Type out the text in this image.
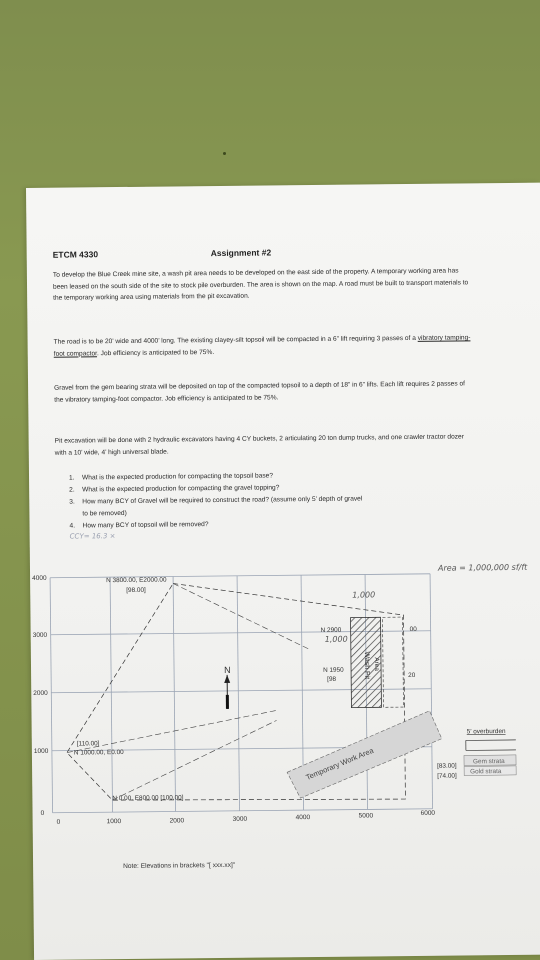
ETCM 4330	Assignment #2
To develop the Blue Creek mine site, a wash pit area needs to be developed on the east side of the property. A temporary working area has been leased on the south side of the site to stock pile overburden. The area is shown on the map. A road must be built to transport materials to the temporary working area using materials from the pit excavation.
The road is to be 20’ wide and 4000’ long. The existing clayey-silt topsoil will be compacted in a 6” lift requiring 3 passes of a vibratory tamping-foot compactor. Job efficiency is anticipated to be 75%.
Gravel from the gem bearing strata will be deposited on top of the compacted topsoil to a depth of 18” in 6” lifts. Each lift requires 2 passes of the vibratory tamping-foot compactor. Job efficiency is anticipated to be 75%.
Pit excavation will be done with 2 hydraulic excavators having 4 CY buckets, 2 articulating 20 ton dump trucks, and one crawler tractor dozer with a 10’ wide, 4’ high universal blade.
1. What is the expected production for compacting the topsoil base?
2. What is the expected production for compacting the gravel topping?
3. How many BCY of Gravel will be required to construct the road? (assume only 5’ depth of gravel
to be removed)
4. How many BCY of topsoil will be removed?
CCY= 16.3 ×
Area = 1,000,000 sf/ft
4000
3000
2000
1000
0
0	1000	2000	3000	4000	5000	6000
Wash Pit Area
Temporary Work Area
N
N 3800.00, E2000.00
[98.00]
[110.00]
N 1000.00, E0.00
N 0.00, E800.00 [100.00]
N 2900	00
N 1950
[98
20
1,000
1,000
5’ overburden
Gem strata
Gold strata
[83.00]
[74.00]
Note: Elevations in brackets "[ xxx.xx]"
